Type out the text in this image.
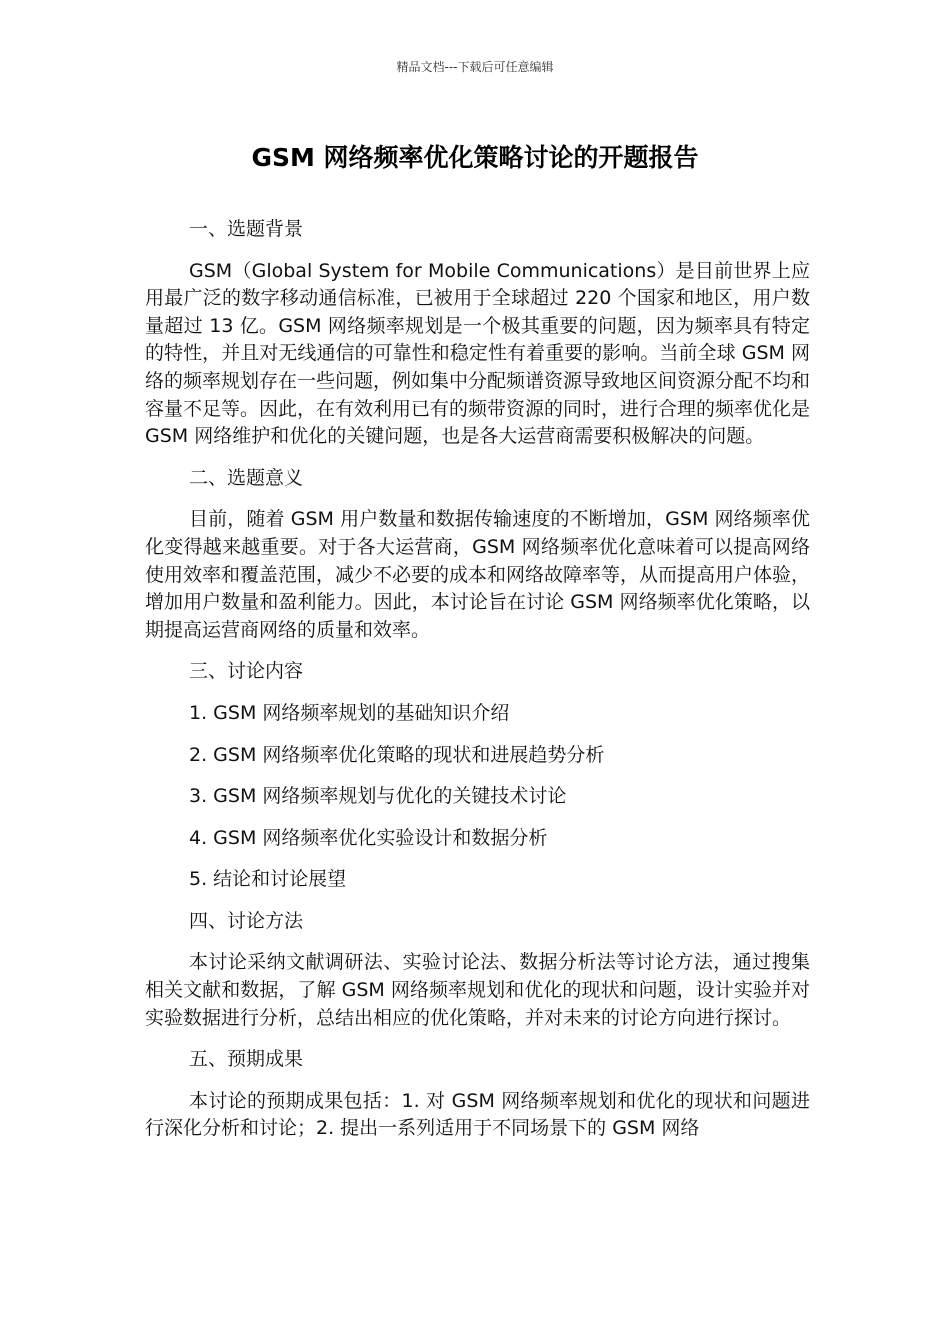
精品文档---下载后可任意编辑
GSM 网络频率优化策略讨论的开题报告

一、选题背景

GSM（Global System for Mobile Communications）是目前世界上应用最广泛的数字移动通信标准，已被用于全球超过 220 个国家和地区，用户数量超过 13 亿。GSM 网络频率规划是一个极其重要的问题，因为频率具有特定的特性，并且对无线通信的可靠性和稳定性有着重要的影响。当前全球 GSM 网络的频率规划存在一些问题，例如集中分配频谱资源导致地区间资源分配不均和容量不足等。因此，在有效利用已有的频带资源的同时，进行合理的频率优化是 GSM 网络维护和优化的关键问题，也是各大运营商需要积极解决的问题。

二、选题意义

目前，随着 GSM 用户数量和数据传输速度的不断增加，GSM 网络频率优化变得越来越重要。对于各大运营商，GSM 网络频率优化意味着可以提高网络使用效率和覆盖范围，减少不必要的成本和网络故障率等，从而提高用户体验，增加用户数量和盈利能力。因此，本讨论旨在讨论 GSM 网络频率优化策略，以期提高运营商网络的质量和效率。

三、讨论内容

1. GSM 网络频率规划的基础知识介绍

2. GSM 网络频率优化策略的现状和进展趋势分析

3. GSM 网络频率规划与优化的关键技术讨论

4. GSM 网络频率优化实验设计和数据分析

5. 结论和讨论展望

四、讨论方法

本讨论采纳文献调研法、实验讨论法、数据分析法等讨论方法，通过搜集相关文献和数据，了解 GSM 网络频率规划和优化的现状和问题，设计实验并对实验数据进行分析，总结出相应的优化策略，并对未来的讨论方向进行探讨。

五、预期成果

本讨论的预期成果包括：1. 对 GSM 网络频率规划和优化的现状和问题进行深化分析和讨论；2. 提出一系列适用于不同场景下的 GSM 网络
